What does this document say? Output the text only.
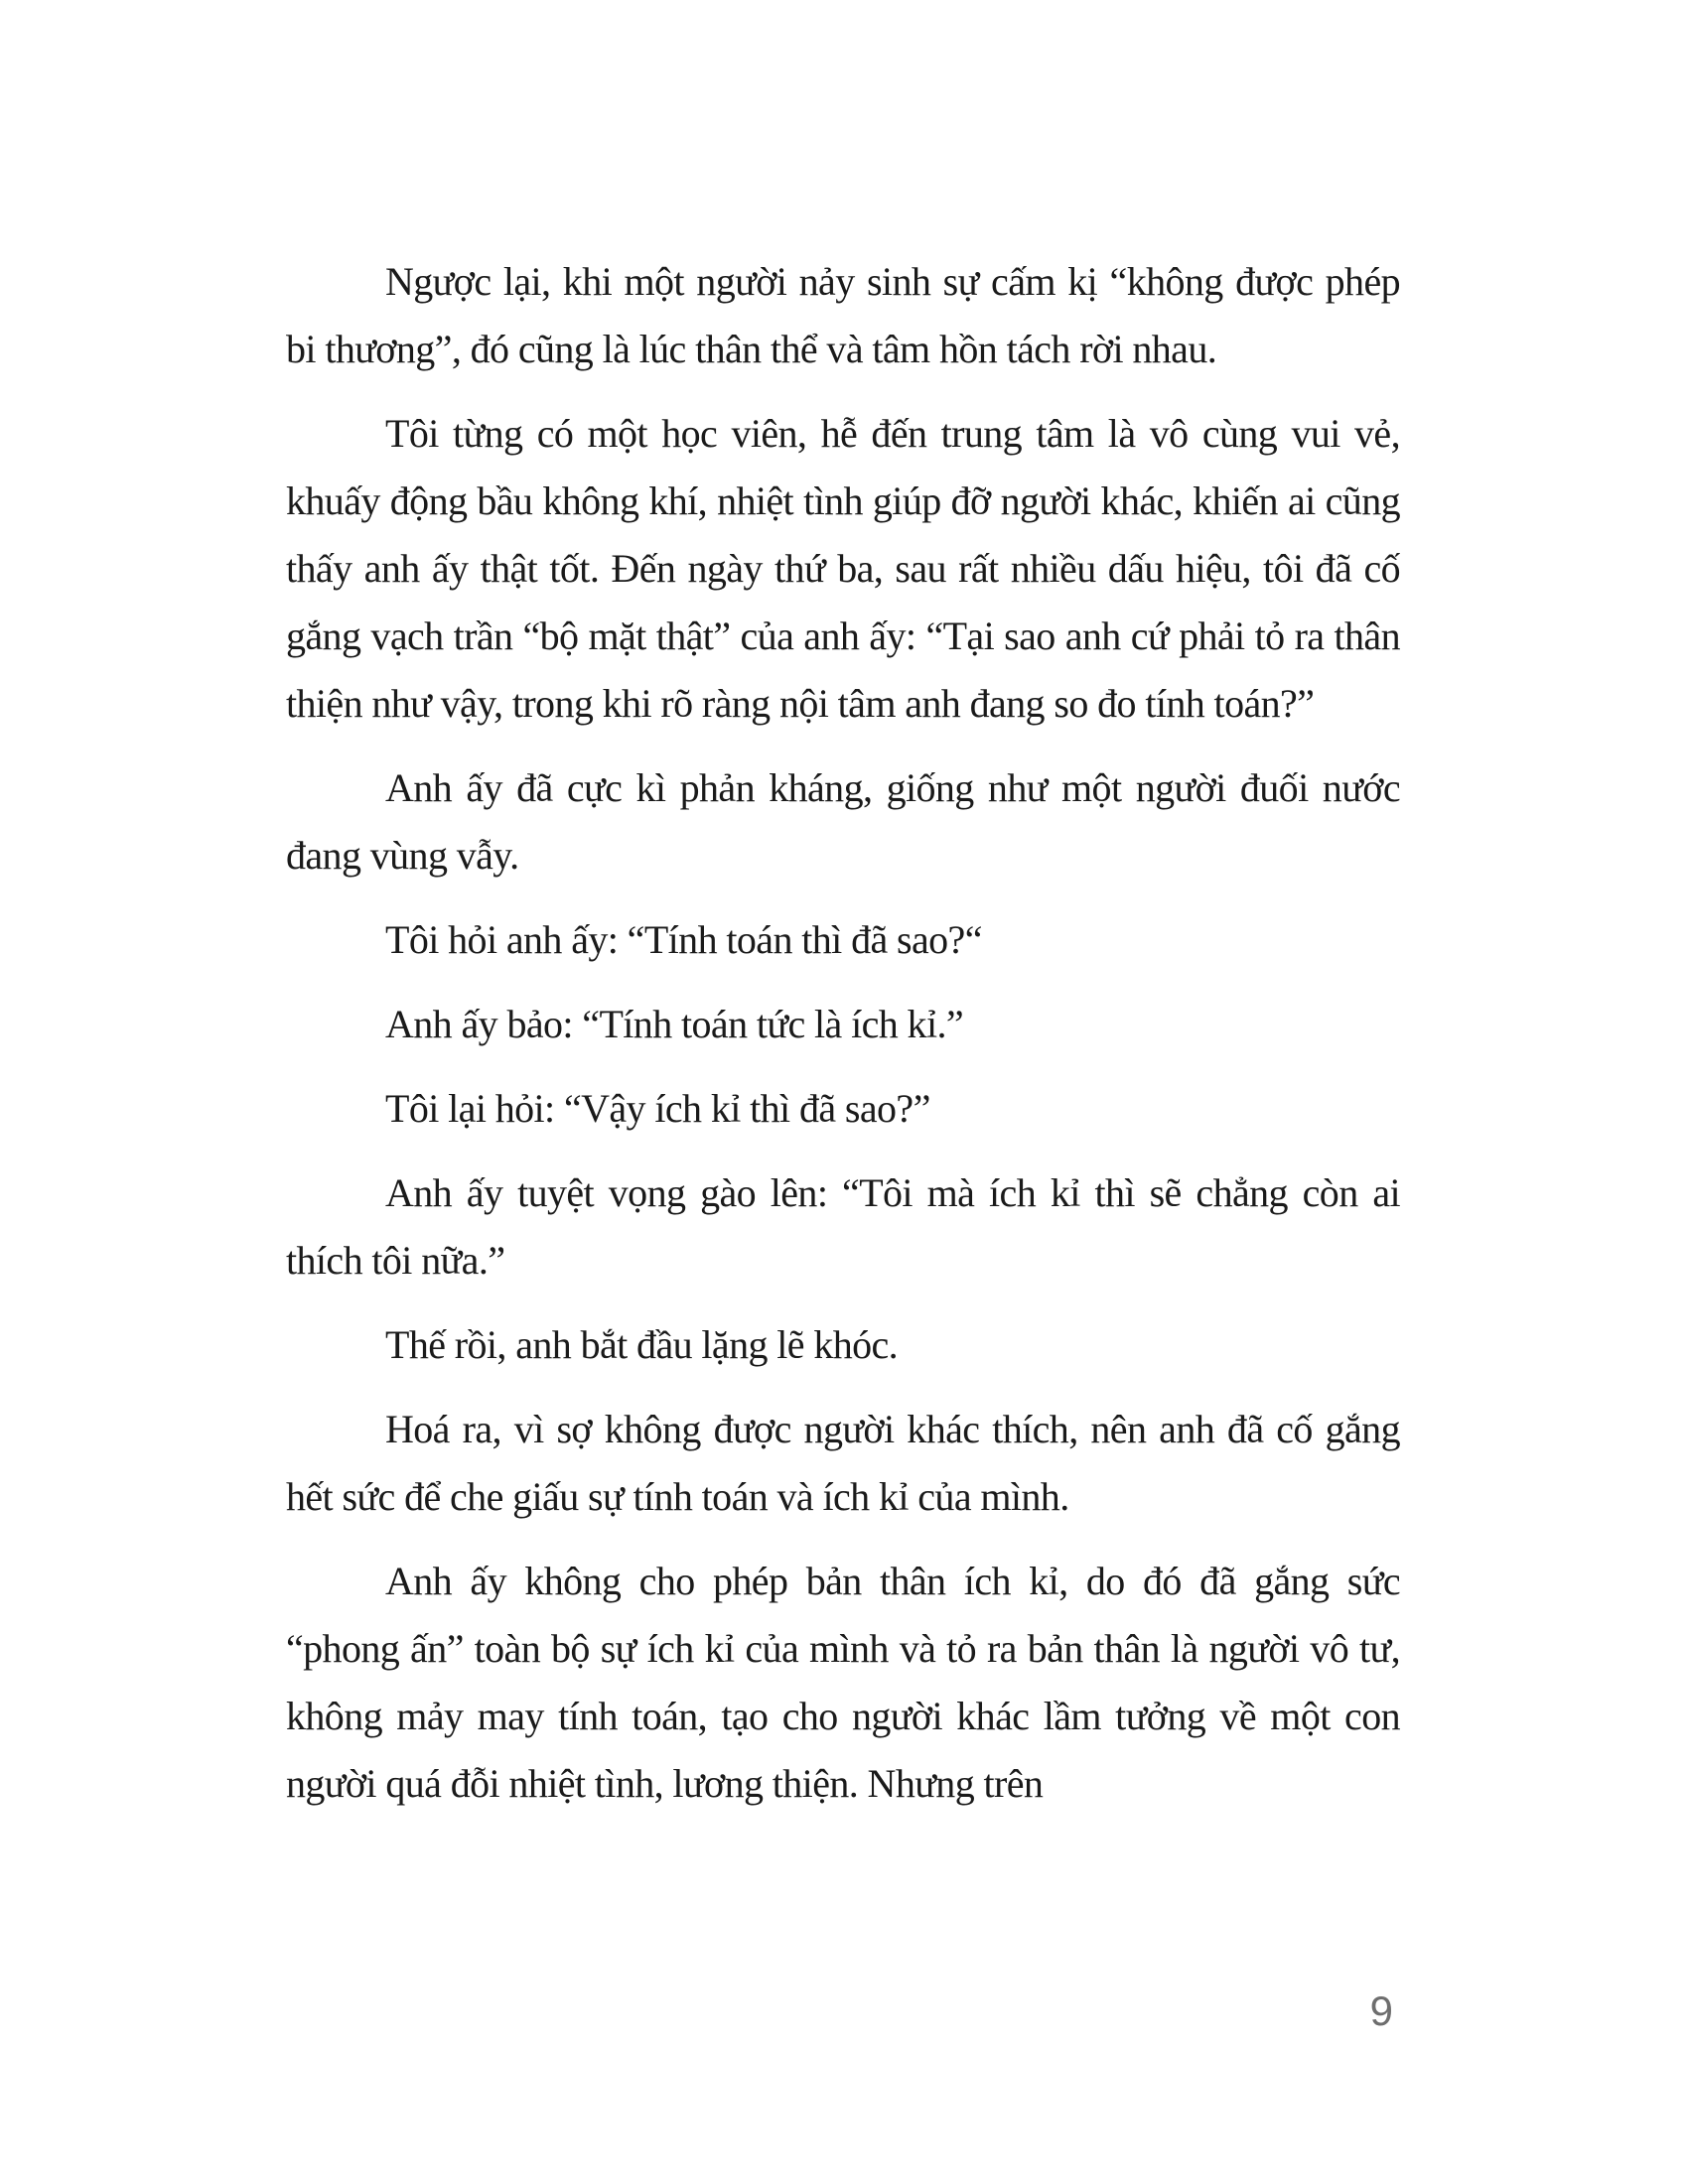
Ngược lại, khi một người nảy sinh sự cấm kị “không được phép bi thương”, đó cũng là lúc thân thể và tâm hồn tách rời nhau.

Tôi từng có một học viên, hễ đến trung tâm là vô cùng vui vẻ, khuấy động bầu không khí, nhiệt tình giúp đỡ người khác, khiến ai cũng thấy anh ấy thật tốt. Đến ngày thứ ba, sau rất nhiều dấu hiệu, tôi đã cố gắng vạch trần “bộ mặt thật” của anh ấy: “Tại sao anh cứ phải tỏ ra thân thiện như vậy, trong khi rõ ràng nội tâm anh đang so đo tính toán?”

Anh ấy đã cực kì phản kháng, giống như một người đuối nước đang vùng vẫy.

Tôi hỏi anh ấy: “Tính toán thì đã sao?“

Anh ấy bảo: “Tính toán tức là ích kỉ.”

Tôi lại hỏi: “Vậy ích kỉ thì đã sao?”

Anh ấy tuyệt vọng gào lên: “Tôi mà ích kỉ thì sẽ chẳng còn ai thích tôi nữa.”

Thế rồi, anh bắt đầu lặng lẽ khóc.

Hoá ra, vì sợ không được người khác thích, nên anh đã cố gắng hết sức để che giấu sự tính toán và ích kỉ của mình.

Anh ấy không cho phép bản thân ích kỉ, do đó đã gắng sức “phong ấn” toàn bộ sự ích kỉ của mình và tỏ ra bản thân là người vô tư, không mảy may tính toán, tạo cho người khác lầm tưởng về một con người quá đỗi nhiệt tình, lương thiện. Nhưng trên

9
